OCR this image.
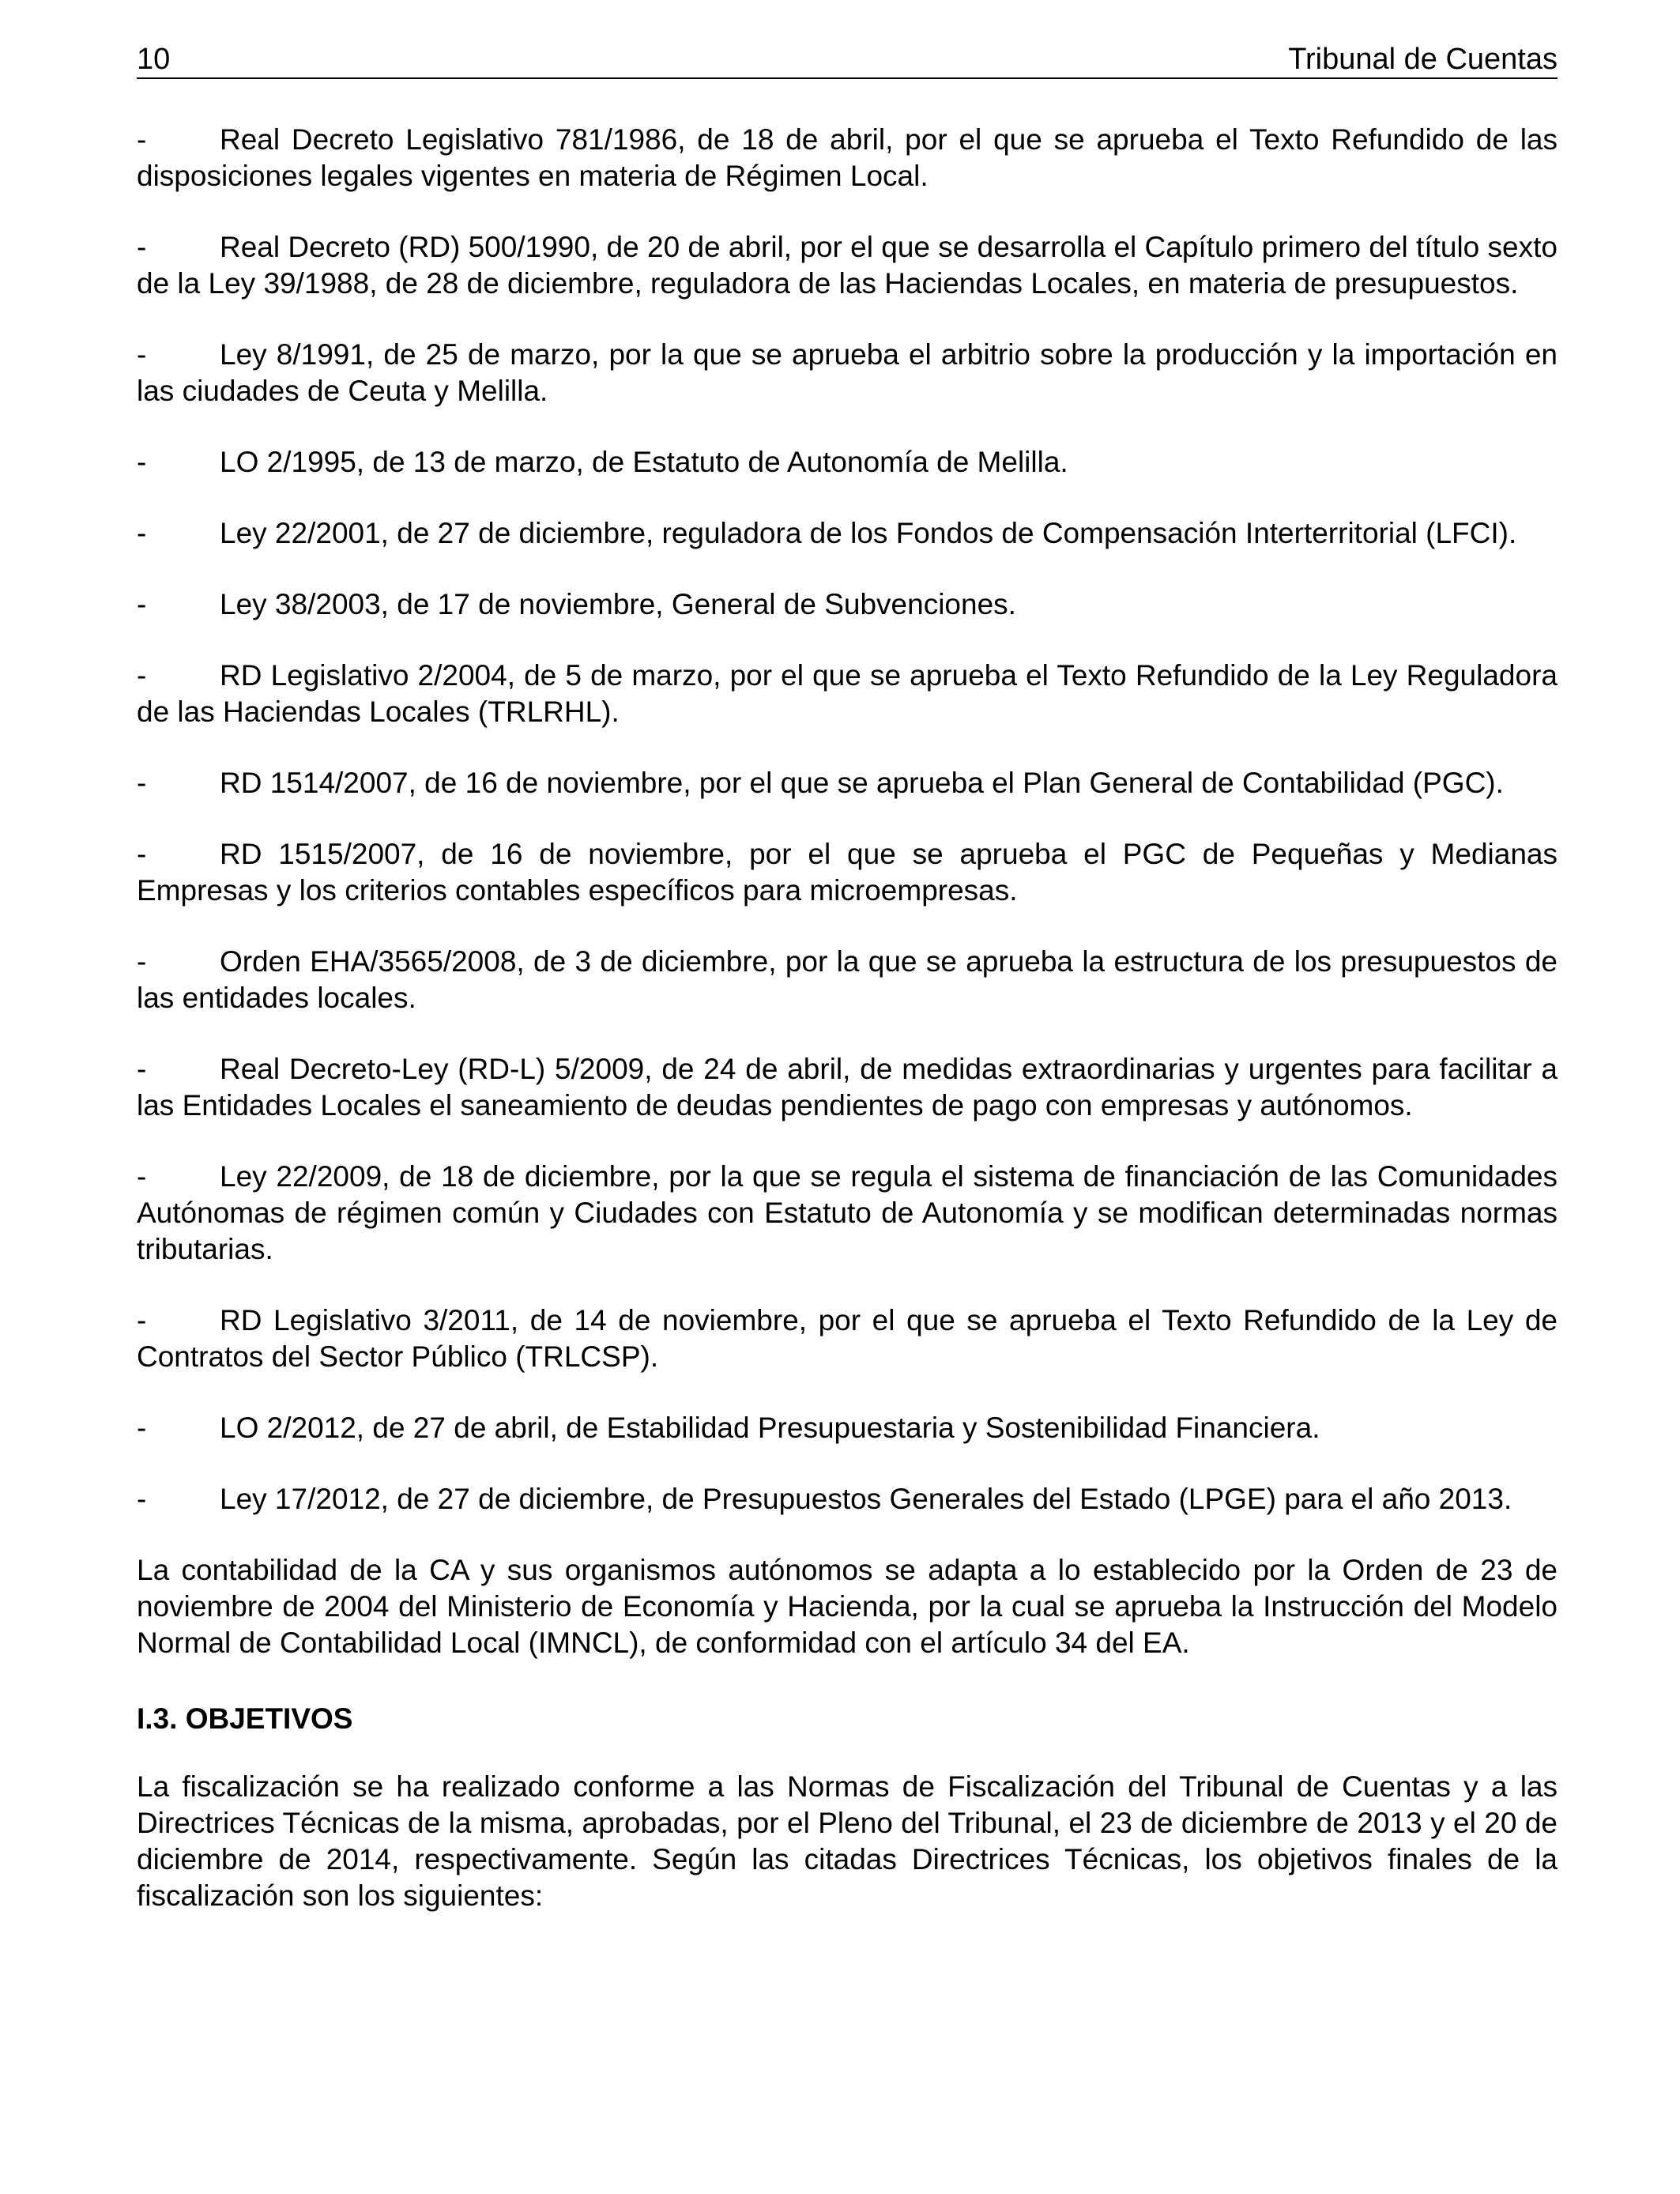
10	Tribunal de Cuentas

-	Real Decreto Legislativo 781/1986, de 18 de abril, por el que se aprueba el Texto Refundido de las disposiciones legales vigentes en materia de Régimen Local.

-	Real Decreto (RD) 500/1990, de 20 de abril, por el que se desarrolla el Capítulo primero del título sexto de la Ley 39/1988, de 28 de diciembre, reguladora de las Haciendas Locales, en materia de presupuestos.

-	Ley 8/1991, de 25 de marzo, por la que se aprueba el arbitrio sobre la producción y la importación en las ciudades de Ceuta y Melilla.

-	LO 2/1995, de 13 de marzo, de Estatuto de Autonomía de Melilla.

-	Ley 22/2001, de 27 de diciembre, reguladora de los Fondos de Compensación Interterritorial (LFCI).

-	Ley 38/2003, de 17 de noviembre, General de Subvenciones.

-	RD Legislativo 2/2004, de 5 de marzo, por el que se aprueba el Texto Refundido de la Ley Reguladora de las Haciendas Locales (TRLRHL).

-	RD 1514/2007, de 16 de noviembre, por el que se aprueba el Plan General de Contabilidad (PGC).

-	RD 1515/2007, de 16 de noviembre, por el que se aprueba el PGC de Pequeñas y Medianas Empresas y los criterios contables específicos para microempresas.

-	Orden EHA/3565/2008, de 3 de diciembre, por la que se aprueba la estructura de los presupuestos de las entidades locales.

-	Real Decreto-Ley (RD-L) 5/2009, de 24 de abril, de medidas extraordinarias y urgentes para facilitar a las Entidades Locales el saneamiento de deudas pendientes de pago con empresas y autónomos.

-	Ley 22/2009, de 18 de diciembre, por la que se regula el sistema de financiación de las Comunidades Autónomas de régimen común y Ciudades con Estatuto de Autonomía y se modifican determinadas normas tributarias.

-	RD Legislativo 3/2011, de 14 de noviembre, por el que se aprueba el Texto Refundido de la Ley de Contratos del Sector Público (TRLCSP).

-	LO 2/2012, de 27 de abril, de Estabilidad Presupuestaria y Sostenibilidad Financiera.

-	Ley 17/2012, de 27 de diciembre, de Presupuestos Generales del Estado (LPGE) para el año 2013.

La contabilidad de la CA y sus organismos autónomos se adapta a lo establecido por la Orden de 23 de noviembre de 2004 del Ministerio de Economía y Hacienda, por la cual se aprueba la Instrucción del Modelo Normal de Contabilidad Local (IMNCL), de conformidad con el artículo 34 del EA.

I.3. OBJETIVOS

La fiscalización se ha realizado conforme a las Normas de Fiscalización del Tribunal de Cuentas y a las Directrices Técnicas de la misma, aprobadas, por el Pleno del Tribunal, el 23 de diciembre de 2013 y el 20 de diciembre de 2014, respectivamente. Según las citadas Directrices Técnicas, los objetivos finales de la fiscalización son los siguientes:
